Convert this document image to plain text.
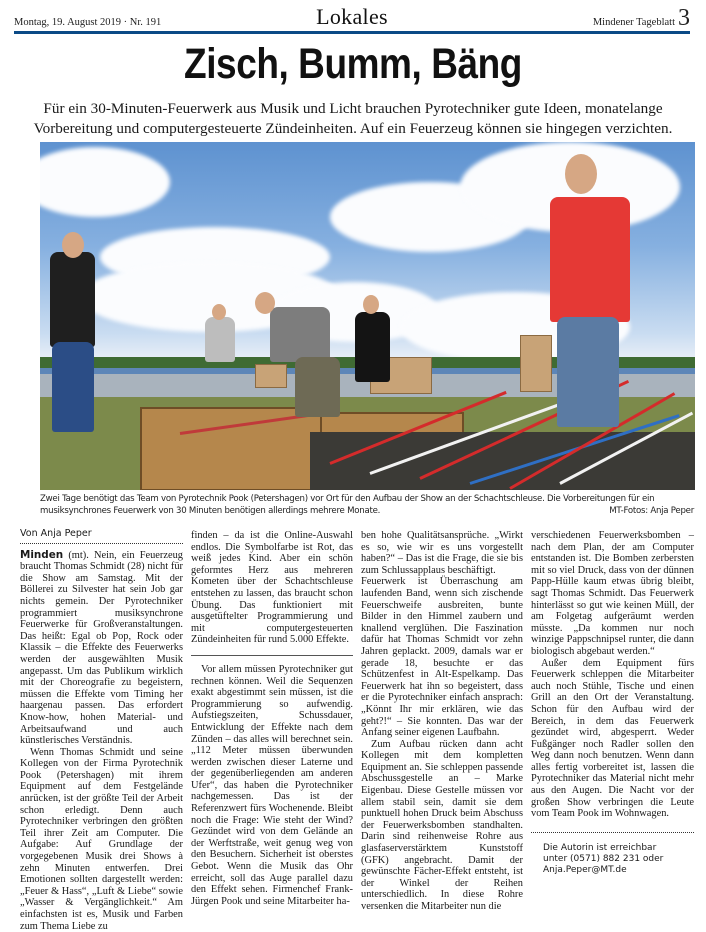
Montag, 19. August 2019 · Nr. 191	Lokales	Mindener Tageblatt 3
Zisch, Bumm, Bäng
Für ein 30-Minuten-Feuerwerk aus Musik und Licht brauchen Pyrotechniker gute Ideen, monatelange Vorbereitung und computergesteuerte Zündeinheiten. Auf ein Feuerzeug können sie hingegen verzichten.
Zwei Tage benötigt das Team von Pyrotechnik Pook (Petershagen) vor Ort für den Aufbau der Show an der Schachtschleuse. Die Vorbereitungen für ein musiksynchrones Feuerwerk von 30 Minuten benötigen allerdings mehrere Monate.	MT-Fotos: Anja Peper
Von Anja Peper

Minden (mt). Nein, ein Feuerzeug braucht Thomas Schmidt (28) nicht für die Show am Samstag. Mit der Böllerei zu Silvester hat sein Job gar nichts gemein. Der Pyrotechniker programmiert musiksynchrone Feuerwerke für Großveranstaltungen. Das heißt: Egal ob Pop, Rock oder Klassik – die Effekte des Feuerwerks werden der ausgewählten Musik angepasst. Um das Publikum wirklich mit der Choreografie zu begeistern, müssen die Effekte vom Timing her haargenau passen. Das erfordert Know-how, hohen Material- und Arbeitsaufwand und auch künstlerisches Verständnis.

Wenn Thomas Schmidt und seine Kollegen von der Firma Pyrotechnik Pook (Petershagen) mit ihrem Equipment auf dem Festgelände anrücken, ist der größte Teil der Arbeit schon erledigt. Denn auch Pyrotechniker verbringen den größten Teil ihrer Zeit am Computer. Die Aufgabe: Auf Grundlage der vorgegebenen Musik drei Shows à zehn Minuten entwerfen. Drei Emotionen sollten dargestellt werden: „Feuer & Hass“, „Luft & Liebe“ sowie „Wasser & Vergänglichkeit.“ Am einfachsten ist es, Musik und Farben zum Thema Liebe zu

finden – da ist die Online-Auswahl endlos. Die Symbolfarbe ist Rot, das weiß jedes Kind. Aber ein schön geformtes Herz aus mehreren Kometen über der Schachtschleuse entstehen zu lassen, das braucht schon Übung. Das funktioniert mit ausgetüftelter Programmierung und mit computergesteuerten Zündeinheiten für rund 5.000 Effekte.

Vor allem müssen Pyrotechniker gut rechnen können. Weil die Sequenzen exakt abgestimmt sein müssen, ist die Programmierung so aufwendig. Aufstiegszeiten, Schussdauer, Entwicklung der Effekte nach dem Zünden – das alles will berechnet sein. „112 Meter müssen überwunden werden zwischen dieser Laterne und der gegenüberliegenden am anderen Ufer“, das haben die Pyrotechniker nachgemessen. Das ist der Referenzwert fürs Wochenende. Bleibt noch die Frage: Wie steht der Wind? Gezündet wird von dem Gelände an der Werftstraße, weit genug weg von den Besuchern. Sicherheit ist oberstes Gebot. Wenn die Musik das Ohr erreicht, soll das Auge parallel dazu den Effekt sehen. Firmenchef Frank-Jürgen Pook und seine Mitarbeiter ha-

ben hohe Qualitätsansprüche. „Wirkt es so, wie wir es uns vorgestellt haben?“ – Das ist die Frage, die sie bis zum Schlussapplaus beschäftigt.

Feuerwerk ist Überraschung am laufenden Band, wenn sich zischende Feuerschweife ausbreiten, bunte Bilder in den Himmel zaubern und knallend verglühen. Die Faszination dafür hat Thomas Schmidt vor zehn Jahren geplackt. 2009, damals war er gerade 18, besuchte er das Schützenfest in Alt-Espelkamp. Das Feuerwerk hat ihn so begeistert, dass er die Pyrotechniker einfach ansprach: „Könnt Ihr mir erklären, wie das geht?!“ – Sie konnten. Das war der Anfang seiner eigenen Laufbahn.

Zum Aufbau rücken dann acht Kollegen mit dem kompletten Equipment an. Sie schleppen passende Abschussgestelle an – Marke Eigenbau. Diese Gestelle müssen vor allem stabil sein, damit sie dem punktuell hohen Druck beim Abschuss der Feuerwerksbomben standhalten. Darin sind reihenweise Rohre aus glasfaserverstärktem Kunststoff (GFK) angebracht. Damit der gewünschte Fächer-Effekt entsteht, ist der Winkel der Reihen unterschiedlich. In diese Rohre versenken die Mitarbeiter nun die

verschiedenen Feuerwerksbomben – nach dem Plan, der am Computer entstanden ist. Die Bomben zerbersten mit so viel Druck, dass von der dünnen Papp-Hülle kaum etwas übrig bleibt, sagt Thomas Schmidt. Das Feuerwerk hinterlässt so gut wie keinen Müll, der am Folgetag aufgeräumt werden müsste. „Da kommen nur noch winzige Pappschnipsel runter, die dann biologisch abgebaut werden.“

Außer dem Equipment fürs Feuerwerk schleppen die Mitarbeiter auch noch Stühle, Tische und einen Grill an den Ort der Veranstaltung. Schon für den Aufbau wird der Bereich, in dem das Feuerwerk gezündet wird, abgesperrt. Weder Fußgänger noch Radler sollen den Weg dann noch benutzen. Wenn dann alles fertig vorbereitet ist, lassen die Pyrotechniker das Material nicht mehr aus den Augen. Die Nacht vor der großen Show verbringen die Leute vom Team Pook im Wohnwagen.

Die Autorin ist erreichbar
unter (0571) 882 231 oder
Anja.Peper@MT.de
